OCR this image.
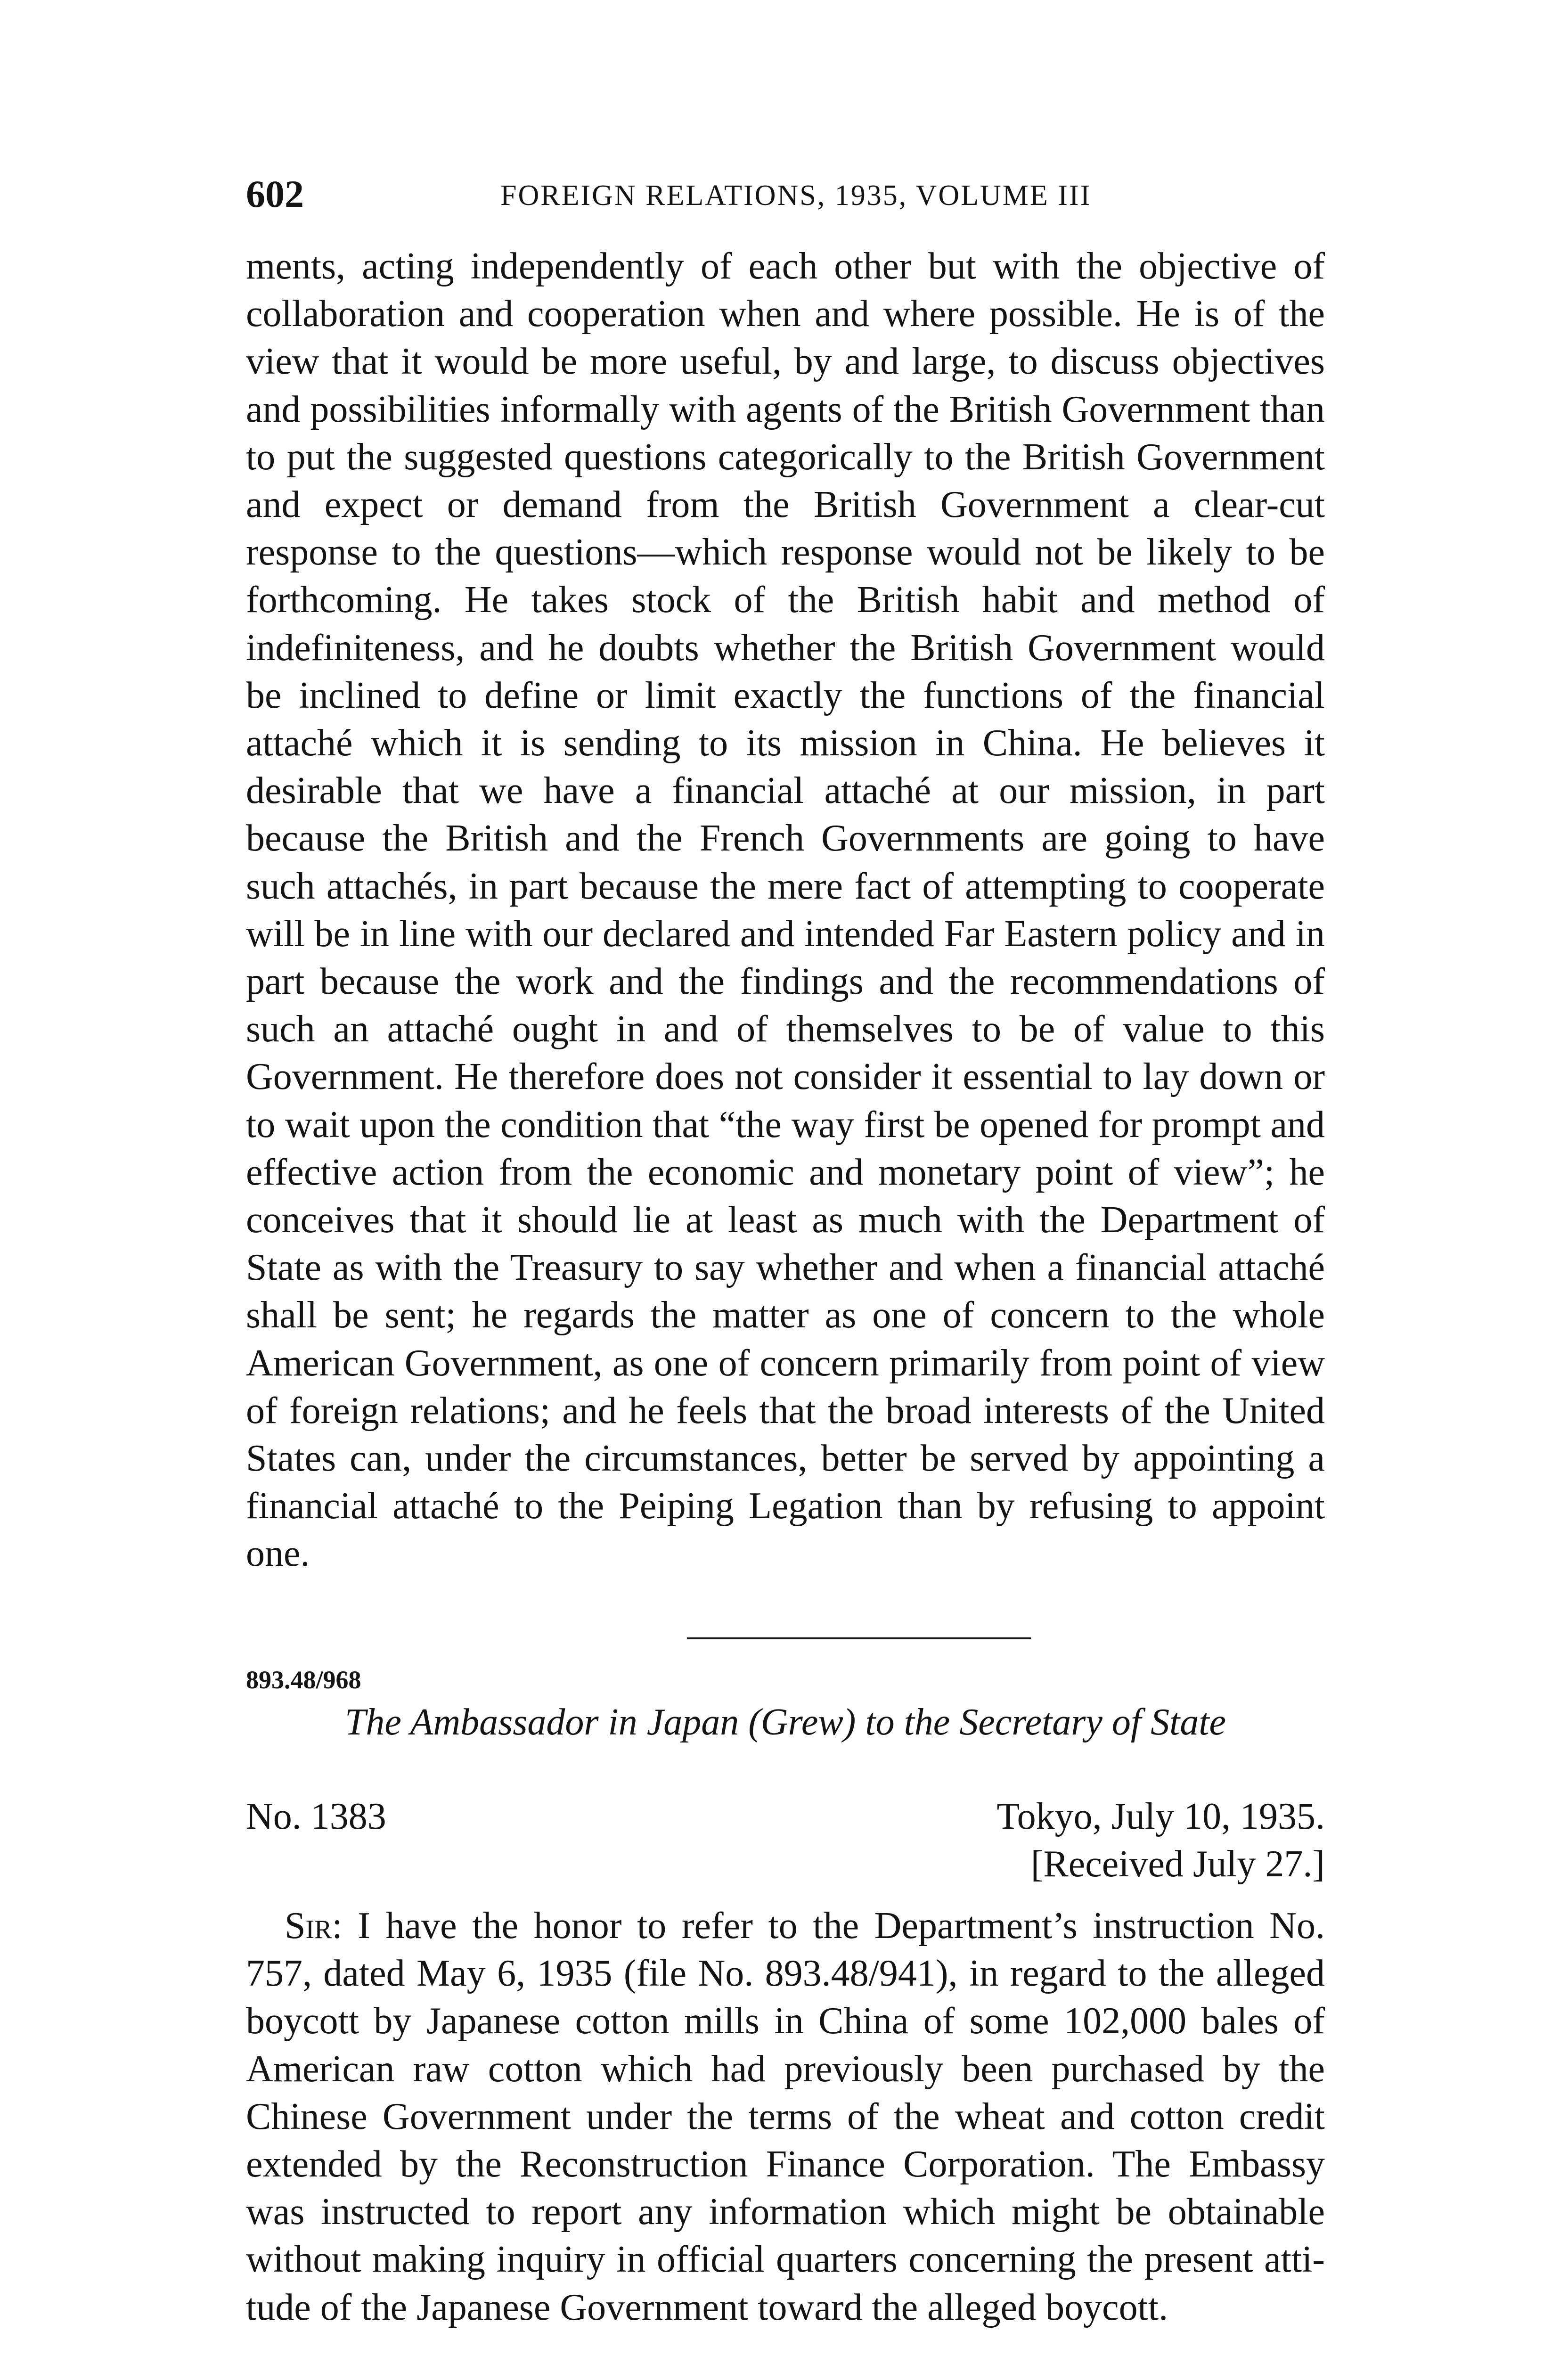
602	FOREIGN RELATIONS, 1935, VOLUME III

ments, acting independently of each other but with the objective of collaboration and cooperation when and where possible. He is of the view that it would be more useful, by and large, to discuss objectives and possibilities informally with agents of the British Government than to put the suggested questions categorically to the British Government and expect or demand from the British Government a clear-cut response to the questions—which response would not be likely to be forthcoming. He takes stock of the British habit and method of indefiniteness, and he doubts whether the British Government would be inclined to define or limit exactly the functions of the financial attaché which it is sending to its mission in China. He believes it desirable that we have a financial attaché at our mission, in part because the British and the French Governments are going to have such attachés, in part because the mere fact of attempting to cooperate will be in line with our declared and intended Far Eastern policy and in part because the work and the findings and the recommendations of such an attaché ought in and of themselves to be of value to this Government. He therefore does not consider it essential to lay down or to wait upon the condition that “the way first be opened for prompt and effective action from the economic and monetary point of view”; he conceives that it should lie at least as much with the Department of State as with the Treasury to say whether and when a financial attaché shall be sent; he regards the matter as one of concern to the whole American Government, as one of concern primarily from point of view of foreign relations; and he feels that the broad interests of the United States can, under the circumstances, better be served by appointing a financial attaché to the Peiping Legation than by refusing to appoint one.

893.48/968
The Ambassador in Japan (Grew) to the Secretary of State
No. 1383	Tokyo, July 10, 1935.
[Received July 27.]

Sir: I have the honor to refer to the Department’s instruction No. 757, dated May 6, 1935 (file No. 893.48/941), in regard to the alleged boycott by Japanese cotton mills in China of some 102,000 bales of American raw cotton which had previously been purchased by the Chinese Government under the terms of the wheat and cotton credit extended by the Reconstruction Finance Corporation. The Embassy was instructed to report any information which might be obtainable without making inquiry in official quarters concerning the present attitude of the Japanese Government toward the alleged boycott.
